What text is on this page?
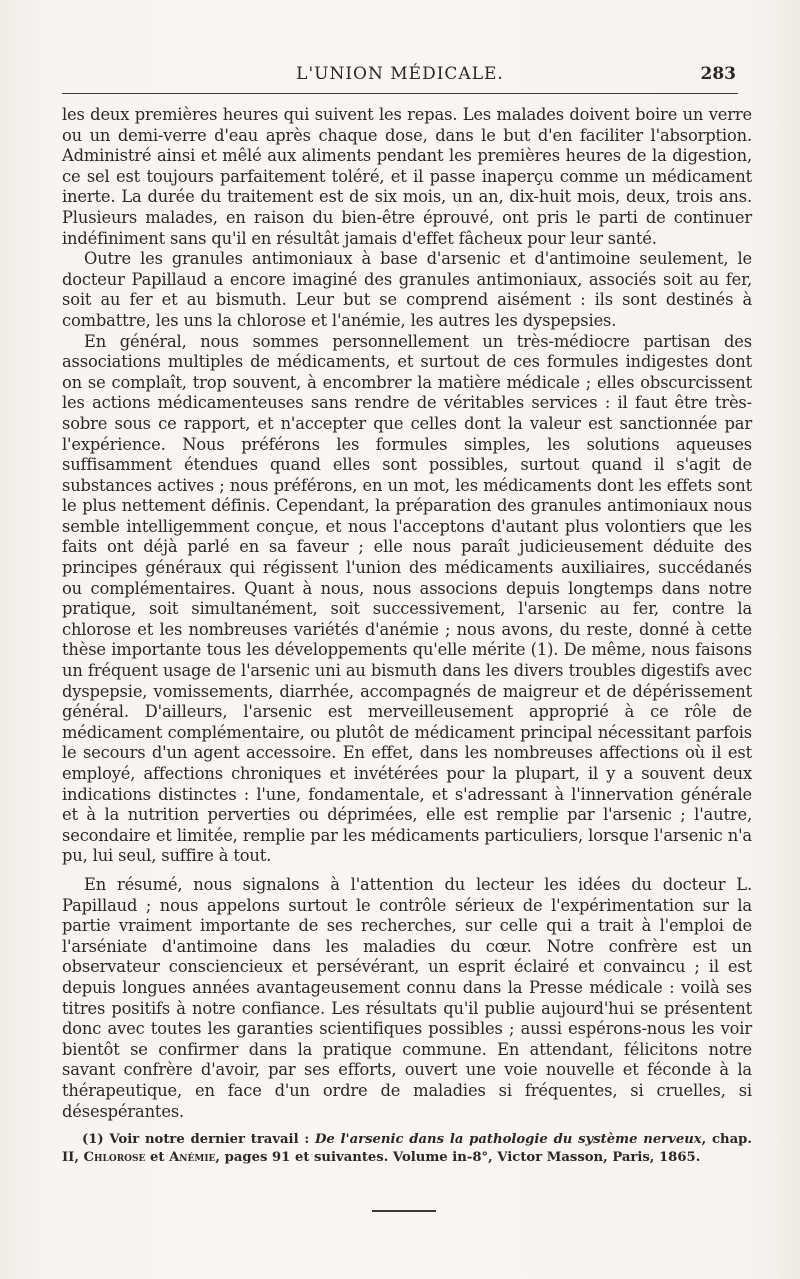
L'UNION MÉDICALE.	283

les deux premières heures qui suivent les repas. Les malades doivent boire un verre ou un demi-verre d'eau après chaque dose, dans le but d'en faciliter l'absorption. Administré ainsi et mêlé aux aliments pendant les premières heures de la digestion, ce sel est toujours parfaitement toléré, et il passe inaperçu comme un médicament inerte. La durée du traitement est de six mois, un an, dix-huit mois, deux, trois ans. Plusieurs malades, en raison du bien-être éprouvé, ont pris le parti de continuer indéfiniment sans qu'il en résultât jamais d'effet fâcheux pour leur santé.

Outre les granules antimoniaux à base d'arsenic et d'antimoine seulement, le docteur Papillaud a encore imaginé des granules antimoniaux, associés soit au fer, soit au fer et au bismuth. Leur but se comprend aisément : ils sont destinés à combattre, les uns la chlorose et l'anémie, les autres les dyspepsies.

En général, nous sommes personnellement un très-médiocre partisan des associations multiples de médicaments, et surtout de ces formules indigestes dont on se complaît, trop souvent, à encombrer la matière médicale ; elles obscurcissent les actions médicamenteuses sans rendre de véritables services : il faut être très-sobre sous ce rapport, et n'accepter que celles dont la valeur est sanctionnée par l'expérience. Nous préférons les formules simples, les solutions aqueuses suffisamment étendues quand elles sont possibles, surtout quand il s'agit de substances actives ; nous préférons, en un mot, les médicaments dont les effets sont le plus nettement définis. Cependant, la préparation des granules antimoniaux nous semble intelligemment conçue, et nous l'acceptons d'autant plus volontiers que les faits ont déjà parlé en sa faveur ; elle nous paraît judicieusement déduite des principes généraux qui régissent l'union des médicaments auxiliaires, succédanés ou complémentaires. Quant à nous, nous associons depuis longtemps dans notre pratique, soit simultanément, soit successivement, l'arsenic au fer, contre la chlorose et les nombreuses variétés d'anémie ; nous avons, du reste, donné à cette thèse importante tous les développements qu'elle mérite (1). De même, nous faisons un fréquent usage de l'arsenic uni au bismuth dans les divers troubles digestifs avec dyspepsie, vomissements, diarrhée, accompagnés de maigreur et de dépérissement général. D'ailleurs, l'arsenic est merveilleusement approprié à ce rôle de médicament complémentaire, ou plutôt de médicament principal nécessitant parfois le secours d'un agent accessoire. En effet, dans les nombreuses affections où il est employé, affections chroniques et invétérées pour la plupart, il y a souvent deux indications distinctes : l'une, fondamentale, et s'adressant à l'innervation générale et à la nutrition perverties ou déprimées, elle est remplie par l'arsenic ; l'autre, secondaire et limitée, remplie par les médicaments particuliers, lorsque l'arsenic n'a pu, lui seul, suffire à tout.

En résumé, nous signalons à l'attention du lecteur les idées du docteur L. Papillaud ; nous appelons surtout le contrôle sérieux de l'expérimentation sur la partie vraiment importante de ses recherches, sur celle qui a trait à l'emploi de l'arséniate d'antimoine dans les maladies du cœur. Notre confrère est un observateur consciencieux et persévérant, un esprit éclairé et convaincu ; il est depuis longues années avantageusement connu dans la Presse médicale : voilà ses titres positifs à notre confiance. Les résultats qu'il publie aujourd'hui se présentent donc avec toutes les garanties scientifiques possibles ; aussi espérons-nous les voir bientôt se confirmer dans la pratique commune. En attendant, félicitons notre savant confrère d'avoir, par ses efforts, ouvert une voie nouvelle et féconde à la thérapeutique, en face d'un ordre de maladies si fréquentes, si cruelles, si désespérantes.

(1) Voir notre dernier travail : De l'arsenic dans la pathologie du système nerveux, chap. II, Chlorose et Anémie, pages 91 et suivantes. Volume in-8°, Victor Masson, Paris, 1865.
